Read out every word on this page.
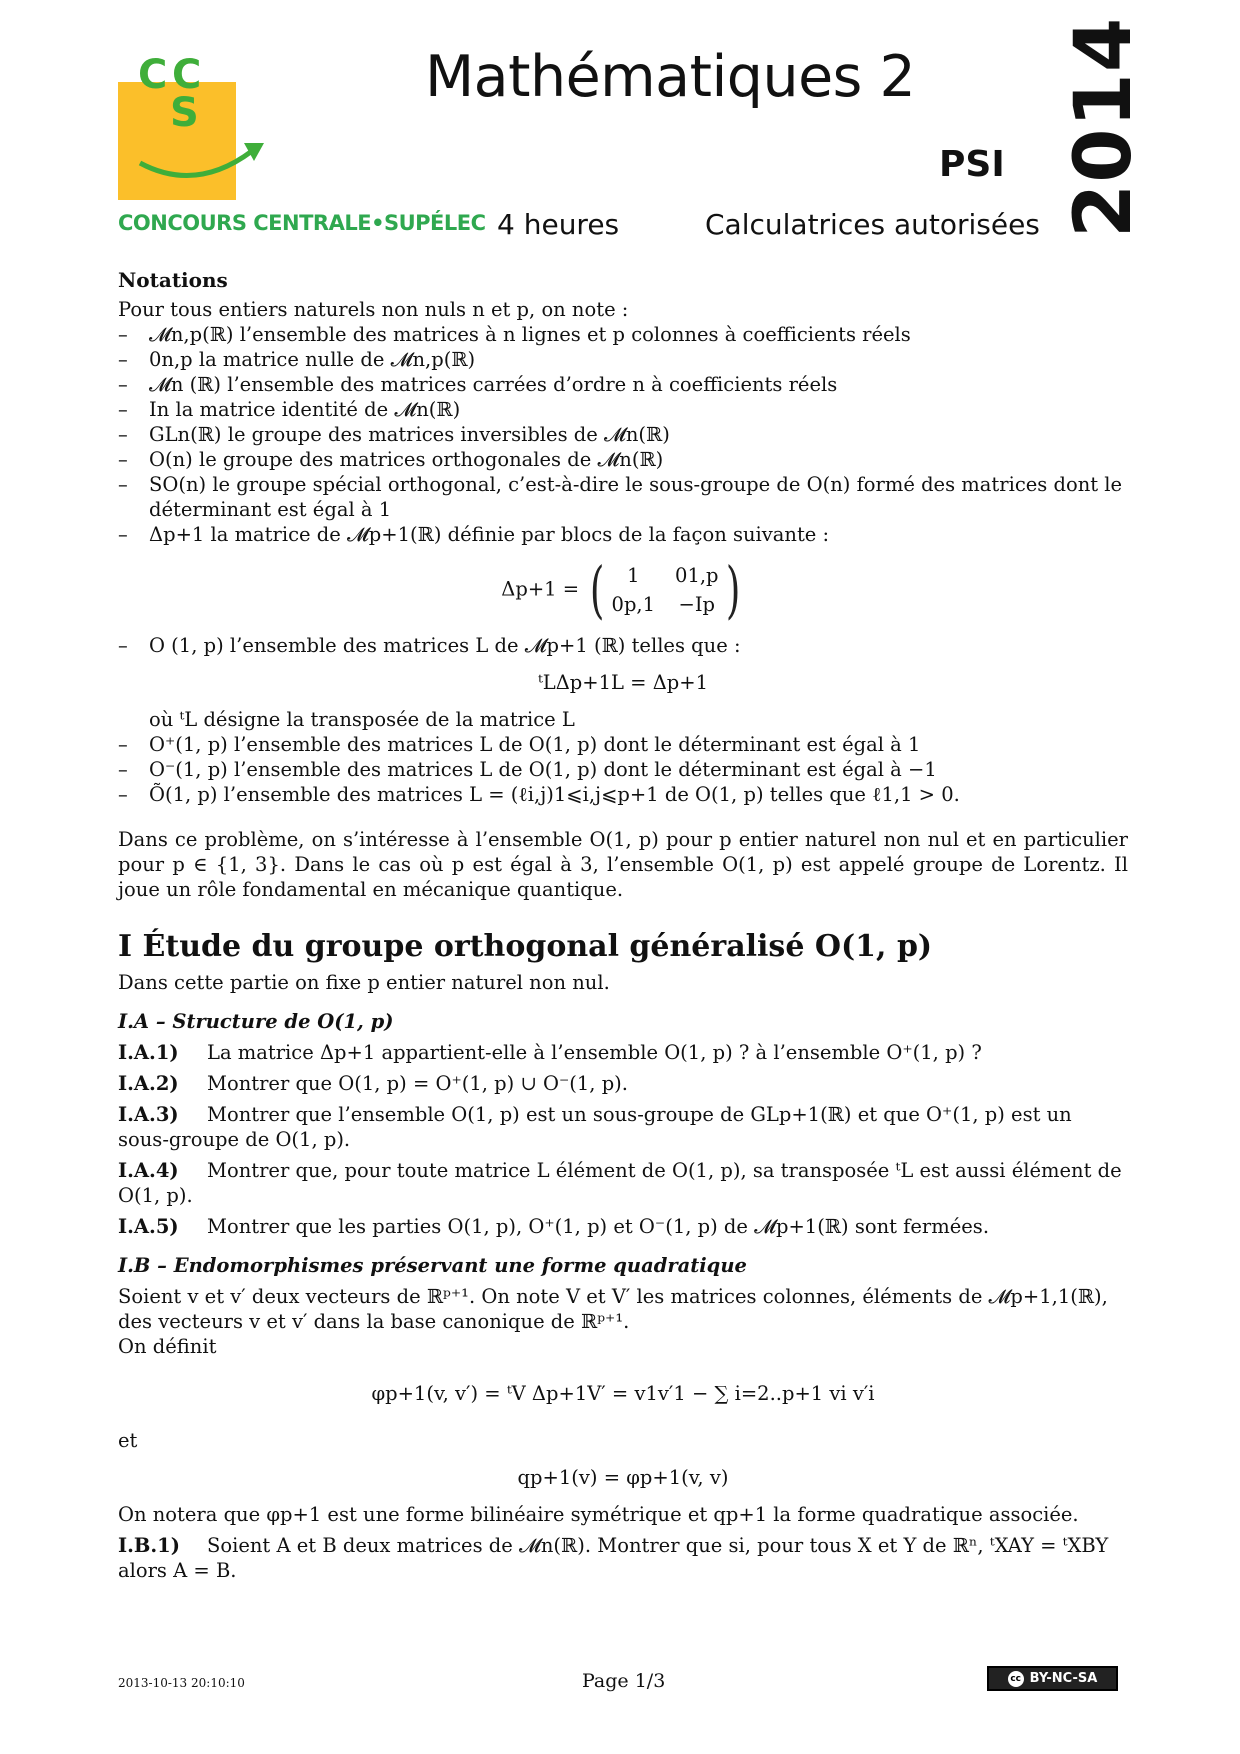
C C
S
CONCOURS CENTRALE•SUPÉLEC
Mathématiques 2
PSI 2014
4 heures	Calculatrices autorisées
Notations

Pour tous entiers naturels non nuls n et p, on note :

– 𝓜n,p(ℝ) l’ensemble des matrices à n lignes et p colonnes à coefficients réels
– 0n,p la matrice nulle de 𝓜n,p(ℝ)
– 𝓜n (ℝ) l’ensemble des matrices carrées d’ordre n à coefficients réels
– In la matrice identité de 𝓜n(ℝ)
– GLn(ℝ) le groupe des matrices inversibles de 𝓜n(ℝ)
– O(n) le groupe des matrices orthogonales de 𝓜n(ℝ)
– SO(n) le groupe spécial orthogonal, c’est-à-dire le sous-groupe de O(n) formé des matrices dont le déterminant est égal à 1
– Δp+1 la matrice de 𝓜p+1(ℝ) définie par blocs de la façon suivante :
Δp+1 = (	1	01,p
0p,1 −Ip )
– O (1, p) l’ensemble des matrices L de 𝓜p+1 (ℝ) telles que :
ᵗLΔp+1L = Δp+1

où ᵗL désigne la transposée de la matrice L

– O⁺(1, p) l’ensemble des matrices L de O(1, p) dont le déterminant est égal à 1
– O⁻(1, p) l’ensemble des matrices L de O(1, p) dont le déterminant est égal à −1
– Õ(1, p) l’ensemble des matrices L = (ℓi,j)1⩽i,j⩽p+1 de O(1, p) telles que ℓ1,1 > 0.

Dans ce problème, on s’intéresse à l’ensemble O(1, p) pour p entier naturel non nul et en particulier pour p ∈ {1, 3}. Dans le cas où p est égal à 3, l’ensemble O(1, p) est appelé groupe de Lorentz. Il joue un rôle fondamental en mécanique quantique.

I Étude du groupe orthogonal généralisé O(1, p)

Dans cette partie on fixe p entier naturel non nul.

I.A – Structure de O(1, p)
I.A.1) La matrice Δp+1 appartient-elle à l’ensemble O(1, p) ? à l’ensemble O⁺(1, p) ?
I.A.2) Montrer que O(1, p) = O⁺(1, p) ∪ O⁻(1, p).
I.A.3) Montrer que l’ensemble O(1, p) est un sous-groupe de GLp+1(ℝ) et que O⁺(1, p) est un sous-groupe de O(1, p).
I.A.4) Montrer que, pour toute matrice L élément de O(1, p), sa transposée ᵗL est aussi élément de O(1, p).
I.A.5) Montrer que les parties O(1, p), O⁺(1, p) et O⁻(1, p) de 𝓜p+1(ℝ) sont fermées.
I.B – Endomorphismes préservant une forme quadratique

Soient v et v′ deux vecteurs de ℝᵖ⁺¹. On note V et V′ les matrices colonnes, éléments de 𝓜p+1,1(ℝ), des vecteurs v et v′ dans la base canonique de ℝᵖ⁺¹.

On définit

φp+1(v, v′) = ᵗV Δp+1V′ = v1v′1 − ∑ i=2..p+1 vi v′i

et

qp+1(v) = φp+1(v, v)

On notera que φp+1 est une forme bilinéaire symétrique et qp+1 la forme quadratique associée.

I.B.1) Soient A et B deux matrices de 𝓜n(ℝ). Montrer que si, pour tous X et Y de ℝⁿ, ᵗXAY = ᵗXBY alors A = B.
2013-10-13 20:10:10	Page 1/3	cc BY-NC-SA
